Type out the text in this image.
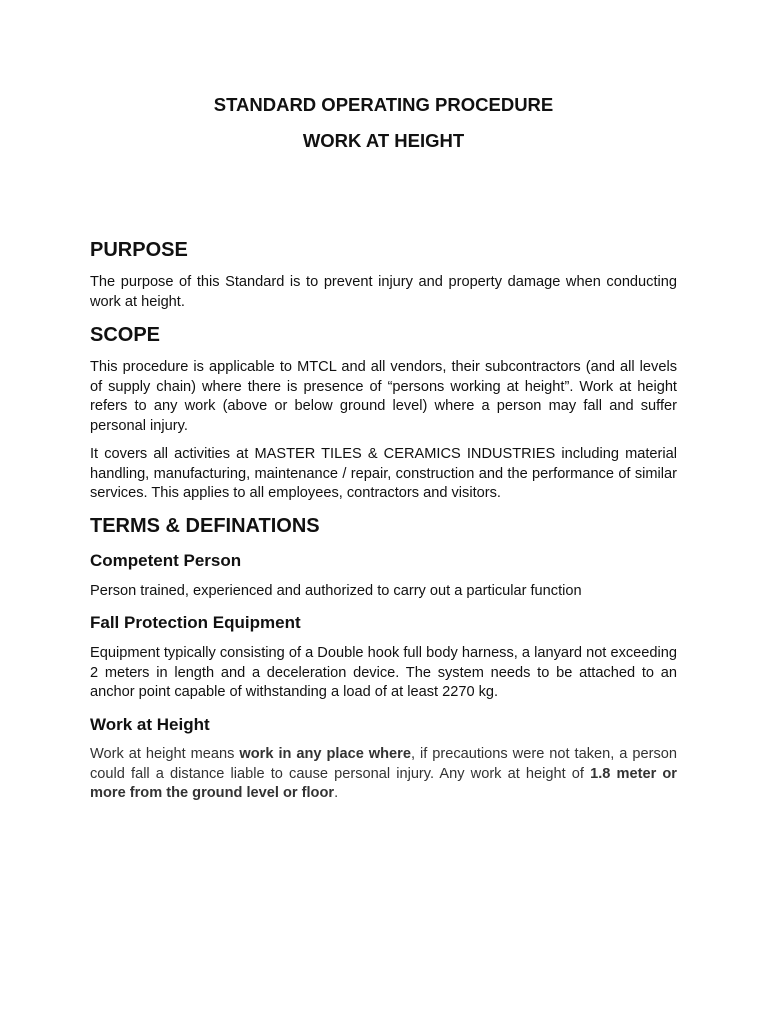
STANDARD OPERATING PROCEDURE
WORK AT HEIGHT
PURPOSE

The purpose of this Standard is to prevent injury and property damage when conducting work at height.

SCOPE

This procedure is applicable to MTCL and all vendors, their subcontractors (and all levels of supply chain) where there is presence of “persons working at height”. Work at height refers to any work (above or below ground level) where a person may fall and suffer personal injury.

It covers all activities at MASTER TILES & CERAMICS INDUSTRIES including material handling, manufacturing, maintenance / repair, construction and the performance of similar services. This applies to all employees, contractors and visitors.

TERMS & DEFINATIONS
Competent Person

Person trained, experienced and authorized to carry out a particular function

Fall Protection Equipment

Equipment typically consisting of a Double hook full body harness, a lanyard not exceeding 2 meters in length and a deceleration device. The system needs to be attached to an anchor point capable of withstanding a load of at least 2270 kg.

Work at Height

Work at height means work in any place where, if precautions were not taken, a person could fall a distance liable to cause personal injury. Any work at height of 1.8 meter or more from the ground level or floor.
